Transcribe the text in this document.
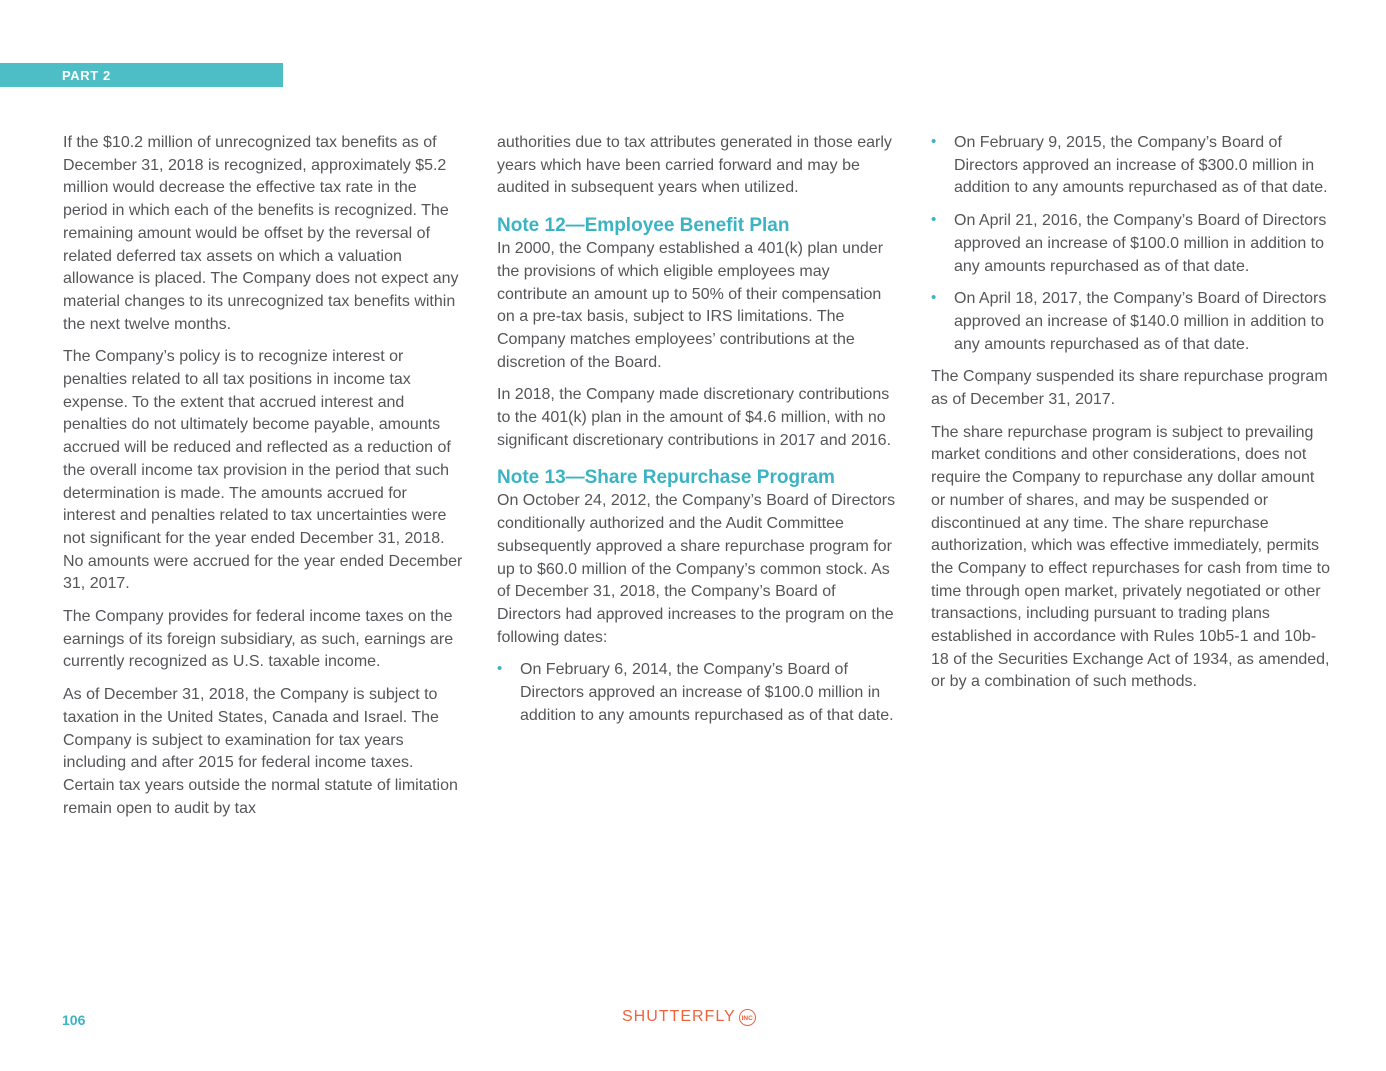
PART 2

If the $10.2 million of unrecognized tax benefits as of December 31, 2018 is recognized, approximately $5.2 million would decrease the effective tax rate in the period in which each of the benefits is recognized. The remaining amount would be offset by the reversal of related deferred tax assets on which a valuation allowance is placed. The Company does not expect any material changes to its unrecognized tax benefits within the next twelve months.

The Company’s policy is to recognize interest or penalties related to all tax positions in income tax expense. To the extent that accrued interest and penalties do not ultimately become payable, amounts accrued will be reduced and reflected as a reduction of the overall income tax provision in the period that such determination is made. The amounts accrued for interest and penalties related to tax uncertainties were not significant for the year ended December 31, 2018. No amounts were accrued for the year ended December 31, 2017.

The Company provides for federal income taxes on the earnings of its foreign subsidiary, as such, earnings are currently recognized as U.S. taxable income.

As of December 31, 2018, the Company is subject to taxation in the United States, Canada and Israel. The Company is subject to examination for tax years including and after 2015 for federal income taxes. Certain tax years outside the normal statute of limitation remain open to audit by tax

authorities due to tax attributes generated in those early years which have been carried forward and may be audited in subsequent years when utilized.

Note 12—Employee Benefit Plan

In 2000, the Company established a 401(k) plan under the provisions of which eligible employees may contribute an amount up to 50% of their compensation on a pre-tax basis, subject to IRS limitations. The Company matches employees’ contributions at the discretion of the Board.

In 2018, the Company made discretionary contributions to the 401(k) plan in the amount of $4.6 million, with no significant discretionary contributions in 2017 and 2016.

Note 13—Share Repurchase Program

On October 24, 2012, the Company’s Board of Directors conditionally authorized and the Audit Committee subsequently approved a share repurchase program for up to $60.0 million of the Company’s common stock. As of December 31, 2018, the Company’s Board of Directors had approved increases to the program on the following dates:

• On February 6, 2014, the Company’s Board of Directors approved an increase of $100.0 million in addition to any amounts repurchased as of that date.
• On February 9, 2015, the Company’s Board of Directors approved an increase of $300.0 million in addition to any amounts repurchased as of that date.
• On April 21, 2016, the Company’s Board of Directors approved an increase of $100.0 million in addition to any amounts repurchased as of that date.
• On April 18, 2017, the Company’s Board of Directors approved an increase of $140.0 million in addition to any amounts repurchased as of that date.

The Company suspended its share repurchase program as of December 31, 2017.

The share repurchase program is subject to prevailing market conditions and other considerations, does not require the Company to repurchase any dollar amount or number of shares, and may be suspended or discontinued at any time. The share repurchase authorization, which was effective immediately, permits the Company to effect repurchases for cash from time to time through open market, privately negotiated or other transactions, including pursuant to trading plans established in accordance with Rules 10b5-1 and 10b-18 of the Securities Exchange Act of 1934, as amended, or by a combination of such methods.

106	SHUTTERFLY INC
